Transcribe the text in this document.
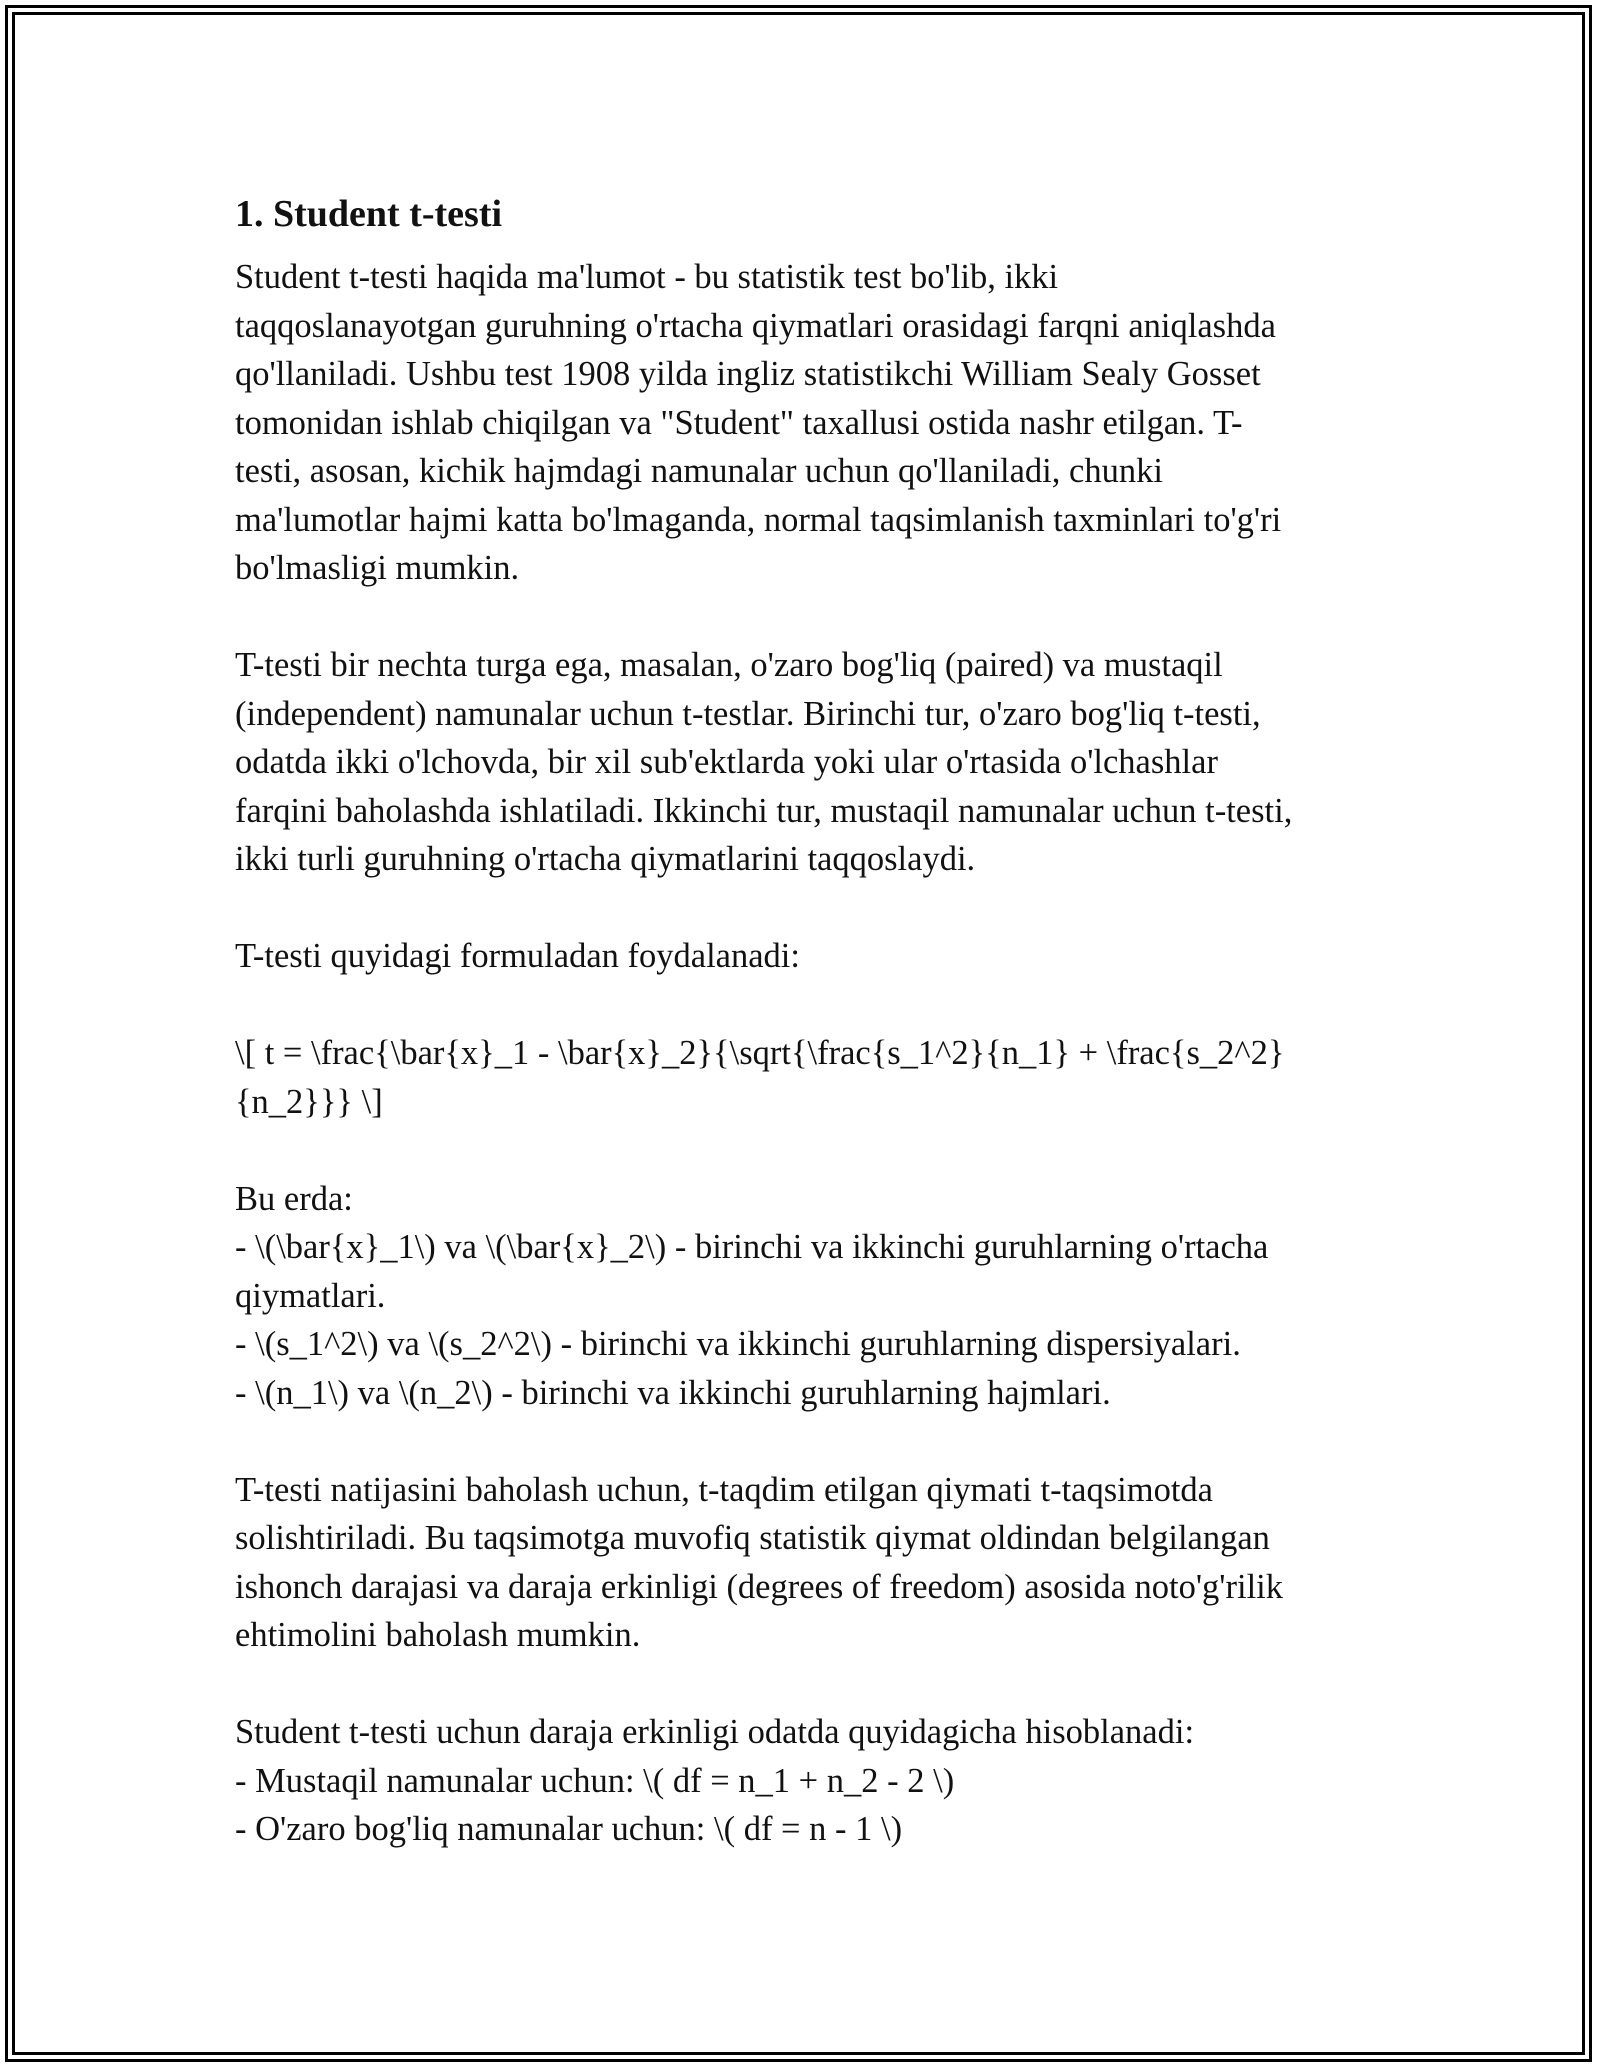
1. Student t-testi

Student t-testi haqida ma'lumot - bu statistik test bo'lib, ikki
taqqoslanayotgan guruhning o'rtacha qiymatlari orasidagi farqni aniqlashda
qo'llaniladi. Ushbu test 1908 yilda ingliz statistikchi William Sealy Gosset
tomonidan ishlab chiqilgan va "Student" taxallusi ostida nashr etilgan. T-
testi, asosan, kichik hajmdagi namunalar uchun qo'llaniladi, chunki
ma'lumotlar hajmi katta bo'lmaganda, normal taqsimlanish taxminlari to'g'ri
bo'lmasligi mumkin.

T-testi bir nechta turga ega, masalan, o'zaro bog'liq (paired) va mustaqil
(independent) namunalar uchun t-testlar. Birinchi tur, o'zaro bog'liq t-testi,
odatda ikki o'lchovda, bir xil sub'ektlarda yoki ular o'rtasida o'lchashlar
farqini baholashda ishlatiladi. Ikkinchi tur, mustaqil namunalar uchun t-testi,
ikki turli guruhning o'rtacha qiymatlarini taqqoslaydi.

T-testi quyidagi formuladan foydalanadi:

\[ t = \frac{\bar{x}_1 - \bar{x}_2}{\sqrt{\frac{s_1^2}{n_1} + \frac{s_2^2}
{n_2}}} \]

Bu erda:
- \(\bar{x}_1\) va \(\bar{x}_2\) - birinchi va ikkinchi guruhlarning o'rtacha
qiymatlari.
- \(s_1^2\) va \(s_2^2\) - birinchi va ikkinchi guruhlarning dispersiyalari.
- \(n_1\) va \(n_2\) - birinchi va ikkinchi guruhlarning hajmlari.

T-testi natijasini baholash uchun, t-taqdim etilgan qiymati t-taqsimotda
solishtiriladi. Bu taqsimotga muvofiq statistik qiymat oldindan belgilangan
ishonch darajasi va daraja erkinligi (degrees of freedom) asosida noto'g'rilik
ehtimolini baholash mumkin.

Student t-testi uchun daraja erkinligi odatda quyidagicha hisoblanadi:
- Mustaqil namunalar uchun: \( df = n_1 + n_2 - 2 \)
- O'zaro bog'liq namunalar uchun: \( df = n - 1 \)
